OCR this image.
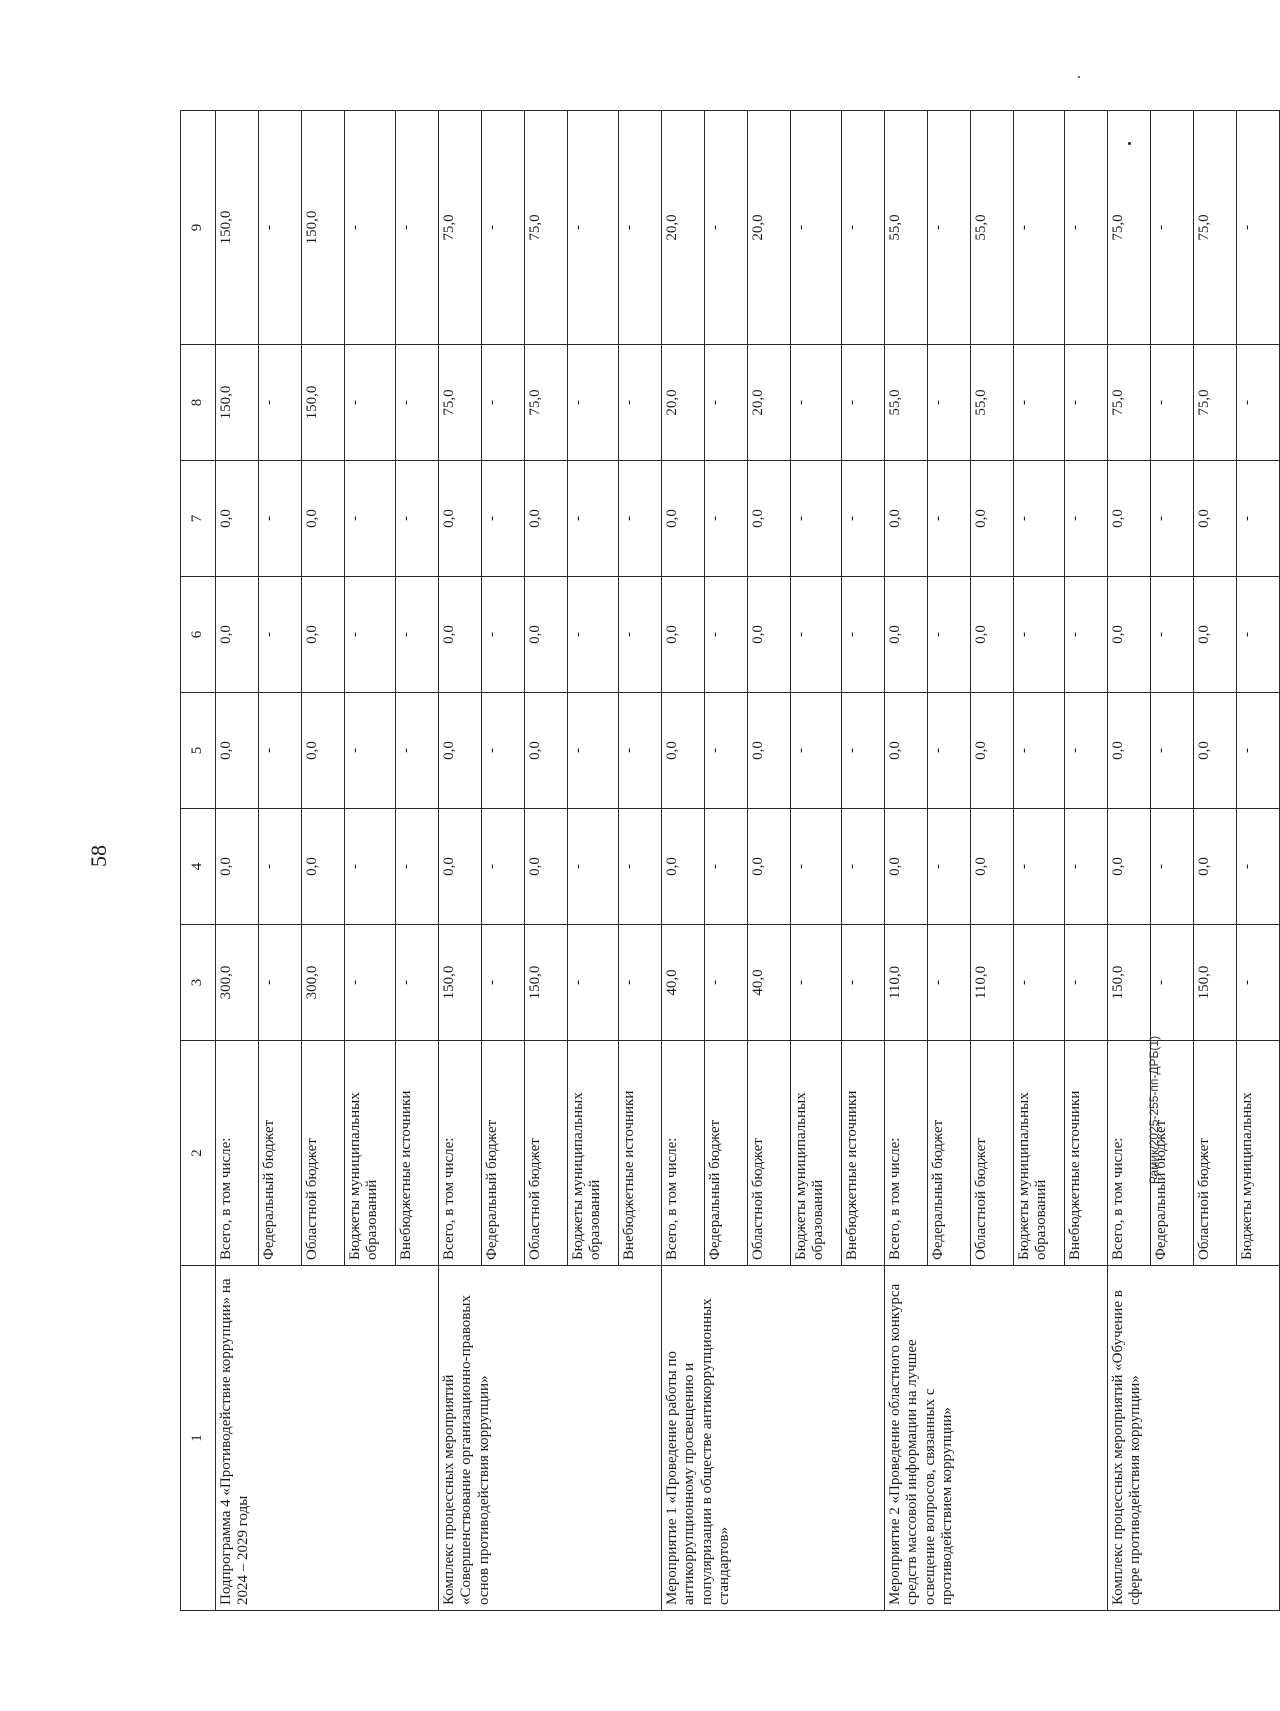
58
1	2	3	4	5	6	7	8	9
Подпрограмма 4 «Противодействие коррупции» на 2024 – 2029 годы	Всего, в том числе:	300,0	0,0	0,0	0,0	0,0	150,0	150,0
	Федеральный бюджет	-	-	-	-	-	-	-
	Областной бюджет	300,0	0,0	0,0	0,0	0,0	150,0	150,0
	Бюджеты муниципальных образований	-	-	-	-	-	-	-
	Внебюджетные источники	-	-	-	-	-	-	-
Комплекс процессных мероприятий «Совершенствование организационно-правовых основ противодействия коррупции»	Всего, в том числе:	150,0	0,0	0,0	0,0	0,0	75,0	75,0
	Федеральный бюджет	-	-	-	-	-	-	-
	Областной бюджет	150,0	0,0	0,0	0,0	0,0	75,0	75,0
	Бюджеты муниципальных образований	-	-	-	-	-	-	-
	Внебюджетные источники	-	-	-	-	-	-	-
Мероприятие 1 «Проведение работы по антикоррупционному просвещению и популяризации в обществе антикоррупционных стандартов»	Всего, в том числе:	40,0	0,0	0,0	0,0	0,0	20,0	20,0
	Федеральный бюджет	-	-	-	-	-	-	-
	Областной бюджет	40,0	0,0	0,0	0,0	0,0	20,0	20,0
	Бюджеты муниципальных образований	-	-	-	-	-	-	-
	Внебюджетные источники	-	-	-	-	-	-	-
Мероприятие 2 «Проведение областного конкурса средств массовой информации на лучшее освещение вопросов, связанных с противодействием коррупции»	Всего, в том числе:	110,0	0,0	0,0	0,0	0,0	55,0	55,0
	Федеральный бюджет	-	-	-	-	-	-	-
	Областной бюджет	110,0	0,0	0,0	0,0	0,0	55,0	55,0
	Бюджеты муниципальных образований	-	-	-	-	-	-	-
	Внебюджетные источники	-	-	-	-	-	-	-
Комплекс процессных мероприятий «Обучение в сфере противодействия коррупции»	Всего, в том числе:	150,0	0,0	0,0	0,0	0,0	75,0	75,0
	Федеральный бюджет	-	-	-	-	-	-	-
	Областной бюджет	150,0	0,0	0,0	0,0	0,0	75,0	75,0
	Бюджеты муниципальных	-	-	-	-	-	-	-
Рамик/2025-255-пп-ДРБ(1)
